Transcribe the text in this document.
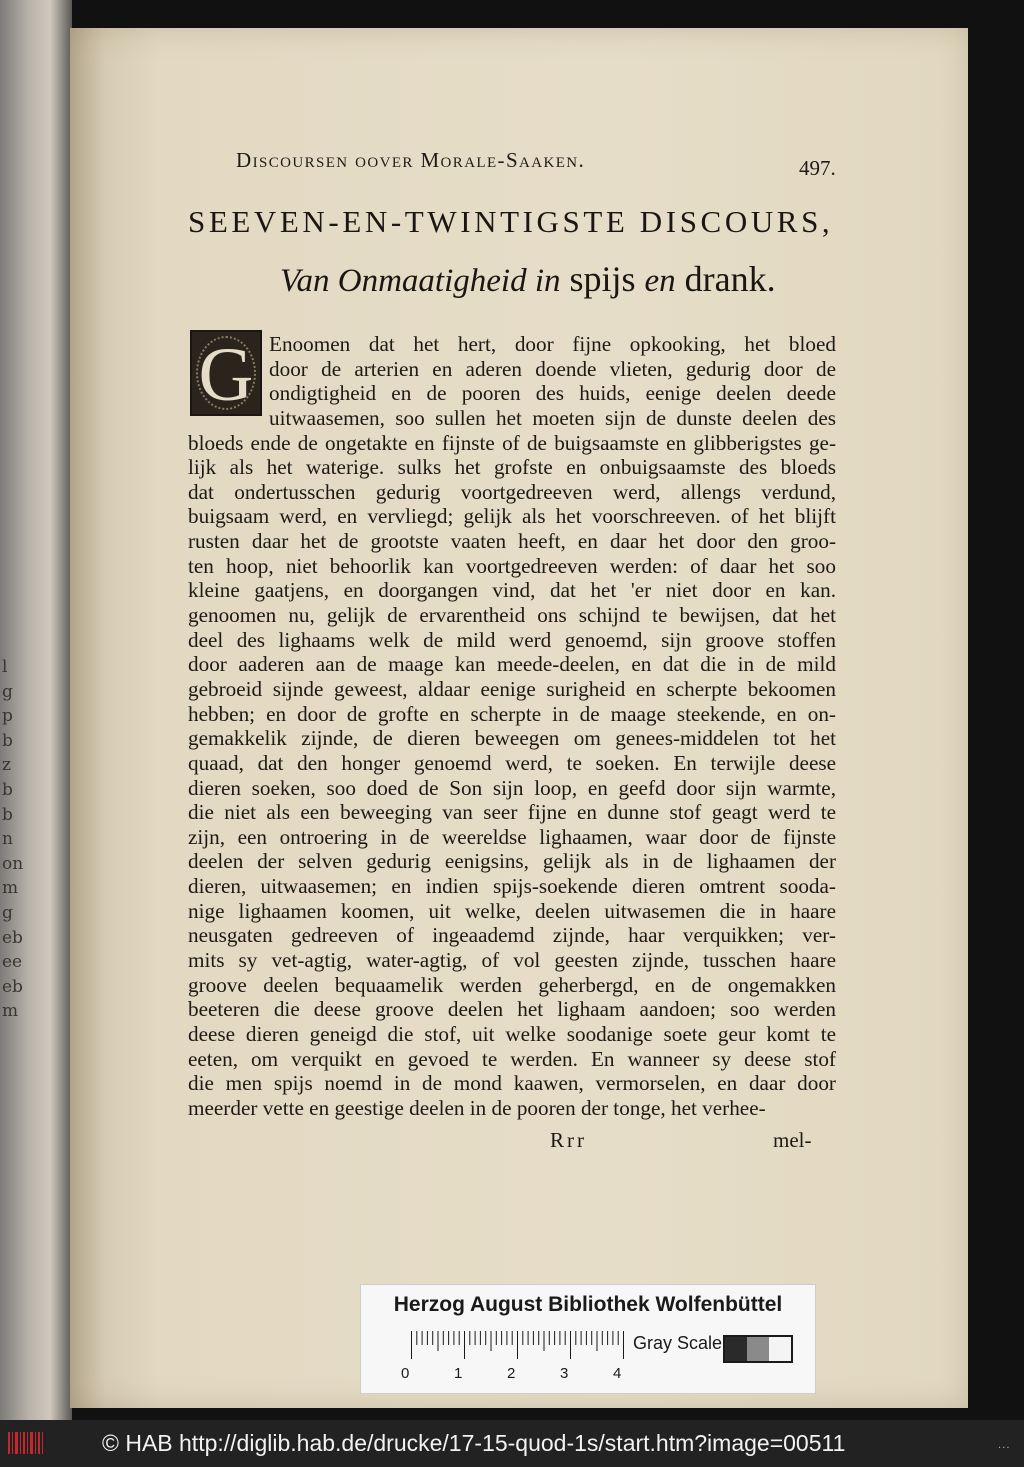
l
g
p
b
z
b
b
n
on
m
g
eb
ee
eb
m
Discoursen oover Morale-Saaken.	497.
SEEVEN-EN-TWINTIGSTE DISCOURS,
Van Onmaatigheid in spijs en drank.
Enoomen dat het hert, door fijne opkooking, het bloed
door de arterien en aderen doende vlieten, gedurig door de
ondigtigheid en de pooren des huids, eenige deelen deede
uitwaasemen, soo sullen het moeten sijn de dunste deelen des
bloeds ende de ongetakte en fijnste of de buigsaamste en glibberigstes ge-
lijk als het waterige. sulks het grofste en onbuigsaamste des bloeds
dat ondertusschen gedurig voortgedreeven werd, allengs verdund,
buigsaam werd, en vervliegd; gelijk als het voorschreeven. of het blijft
rusten daar het de grootste vaaten heeft, en daar het door den groo-
ten hoop, niet behoorlik kan voortgedreeven werden: of daar het soo
kleine gaatjens, en doorgangen vind, dat het 'er niet door en kan.
genoomen nu, gelijk de ervarentheid ons schijnd te bewijsen, dat het
deel des lighaams welk de mild werd genoemd, sijn groove stoffen
door aaderen aan de maage kan meede-deelen, en dat die in de mild
gebroeid sijnde geweest, aldaar eenige surigheid en scherpte bekoomen
hebben; en door de grofte en scherpte in de maage steekende, en on-
gemakkelik zijnde, de dieren beweegen om genees-middelen tot het
quaad, dat den honger genoemd werd, te soeken. En terwijle deese
dieren soeken, soo doed de Son sijn loop, en geefd door sijn warmte,
die niet als een beweeging van seer fijne en dunne stof geagt werd te
zijn, een ontroering in de weereldse lighaamen, waar door de fijnste
deelen der selven gedurig eenigsins, gelijk als in de lighaamen der
dieren, uitwaasemen; en indien spijs-soekende dieren omtrent sooda-
nige lighaamen koomen, uit welke, deelen uitwasemen die in haare
neusgaten gedreeven of ingeaademd zijnde, haar verquikken; ver-
mits sy vet-agtig, water-agtig, of vol geesten zijnde, tusschen haare
groove deelen bequaamelik werden geherbergd, en de ongemakken
beeteren die deese groove deelen het lighaam aandoen; soo werden
deese dieren geneigd die stof, uit welke soodanige soete geur komt te
eeten, om verquikt en gevoed te werden. En wanneer sy deese stof
die men spijs noemd in de mond kaawen, vermorselen, en daar door
meerder vette en geestige deelen in de pooren der tonge, het verhee-
G
Rrr	mel-
Herzog August Bibliothek Wolfenbüttel
0	1	2	3	4
Gray Scale
© HAB http://diglib.hab.de/drucke/17-15-quod-1s/start.htm?image=00511	...
